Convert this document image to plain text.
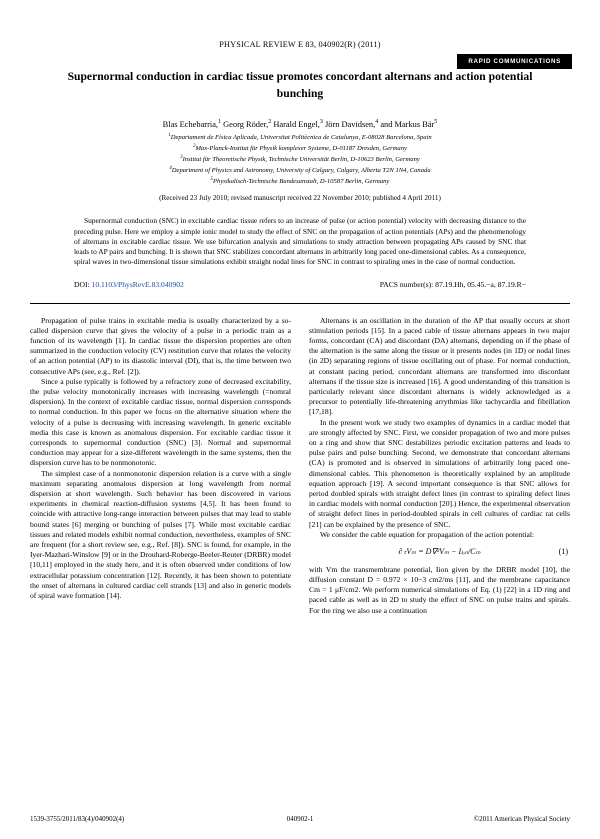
RAPID COMMUNICATIONS
PHYSICAL REVIEW E 83, 040902(R) (2011)
Supernormal conduction in cardiac tissue promotes concordant alternans and action potential bunching
Blas Echebarria,$^1$ Georg Röder,$^2$ Harald Engel,$^3$ Jörn Davidsen,$^4$ and Markus Bär$^5$
$^1$Departament de Física Aplicada, Universitat Politècnica de Catalunya, E-08028 Barcelona, Spain
$^2$Max-Planck-Institut für Physik komplexer Systeme, D-01187 Dresden, Germany
$^3$Institut für Theoretische Physik, Technische Universität Berlin, D-10623 Berlin, Germany
$^4$Department of Physics and Astronomy, University of Calgary, Calgary, Alberta T2N 1N4, Canada
$^5$Physikalisch-Technische Bundesanstalt, D-10587 Berlin, Germany
(Received 23 July 2010; revised manuscript received 22 November 2010; published 4 April 2011)
Supernormal conduction (SNC) in excitable cardiac tissue refers to an increase of pulse (or action potential) velocity with decreasing distance to the preceding pulse. Here we employ a simple ionic model to study the effect of SNC on the propagation of action potentials (APs) and the phenomenology of alternans in excitable cardiac tissue. We use bifurcation analysis and simulations to study attraction between propagating APs caused by SNC that leads to AP pairs and bunching. It is shown that SNC stabilizes concordant alternans in arbitrarily long paced one-dimensional cables. As a consequence, spiral waves in two-dimensional tissue simulations exhibit straight nodal lines for SNC in contrast to spiraling ones in the case of normal conduction.
DOI: 10.1103/PhysRevE.83.040902	PACS number(s): 87.19.Hh, 05.45.−a, 87.19.R−

Propagation of pulse trains in excitable media is usually characterized by a so-called dispersion curve that gives the velocity of a pulse in a periodic train as a function of its wavelength [1]. In cardiac tissue the dispersion properties are often summarized in the conduction velocity (CV) restitution curve that relates the velocity of an action potential (AP) to its diastolic interval (DI), that is, the time between two consecutive APs (see, e.g., Ref. [2]).

Since a pulse typically is followed by a refractory zone of decreased excitability, the pulse velocity monotonically increases with increasing wavelength (=nomral dispersion). In the context of excitable cardiac tissue, normal dispersion corresponds to normal conduction. In this paper we focus on the alternative situation where the velocity of a pulse is decreasing with increasing wavelength. In generic excitable media this case is known as anomalous dispersion. For excitable cardiac tissue it corresponds to supernormal conduction (SNC) [3]. Normal and supernormal conduction may appear for a size-different wavelength in the same systems, then the dispersion curve has to be nonmonotonic.

The simplest case of a nonmonotonic dispersion relation is a curve with a single maximum separating anomalous dispersion at long wavelength from normal dispersion at short wavelength. Such behavior has been discovered in various experiments in chemical reaction-diffusion systems [4,5]. It has been found to coincide with attractive long-range interaction between pulses that may lead to stable bound states [6] merging or bunching of pulses [7]. While most excitable cardiac tissues and related models exhibit normal conduction, nevertheless, examples of SNC are frequent (for a short review see, e.g., Ref. [8]). SNC is found, for example, in the Iyer-Mazhari-Winslow [9] or in the Drouhard-Roberge-Beeler-Reuter (DRBR) model [10,11] employed in the study here, and it is often observed under conditions of low extracellular potassium concentration [12]. Recently, it has been shown to potentiate the onset of alternans in cultured cardiac cell strands [13] and also in generic models of spiral wave formation [14].

Alternans is an oscillation in the duration of the AP that usually occurs at short stimulation periods [15]. In a paced cable of tissue alternans appears in two major forms, concordant (CA) and discordant (DA) alternans, depending on if the phase of the alternation is the same along the tissue or it presents nodes (in 1D) or nodal lines (in 2D) separating regions of tissue oscillating out of phase. For normal conduction, at constant pacing period, concordant alternans are transformed into discordant alternans if the tissue size is increased [16]. A good understanding of this transition is particularly relevant since discordant alternans is widely acknowledged as a precursor to potentially life-threatening arrythmias like tachycardia and fibrillation [17,18].

In the present work we study two examples of dynamics in a cardiac model that are strongly affected by SNC. First, we consider propagation of two and more pulses on a ring and show that SNC destabilizes periodic excitation patterns and leads to pulse pairs and pulse bunching. Second, we demonstrate that concordant alternans (CA) is promoted and is observed in simulations of arbitrarily long paced one-dimensional cables. This phenomenon is theoretically explained by an amplitude equation approach [19]. A second important consequence is that SNC allows for period doubled spirals with straight defect lines (in contrast to spiraling defect lines in cardiac models with normal conduction [20].) Hence, the experimental observation of straight defect lines in period-doubled spirals in cell cultures of cardiac rat cells [21] can be explained by the presence of SNC.

We consider the cable equation for propagation of the action potential:

∂ ₜVₘ = D∇²Vₘ − Iₗₒₙ/Cₘ	(1)

with Vm the transmembrane potential, Iion given by the DRBR model [10], the diffusion constant D = 0.972 × 10−3 cm2/ms [11], and the membrane capacitance Cm = 1 μF/cm2. We perform numerical simulations of Eq. (1) [22] in a 1D ring and paced cable as well as in 2D to study the effect of SNC on pulse trains and spirals. For the ring we also use a continuation

1539-3755/2011/83(4)/040902(4)	040902-1	©2011 American Physical Society
